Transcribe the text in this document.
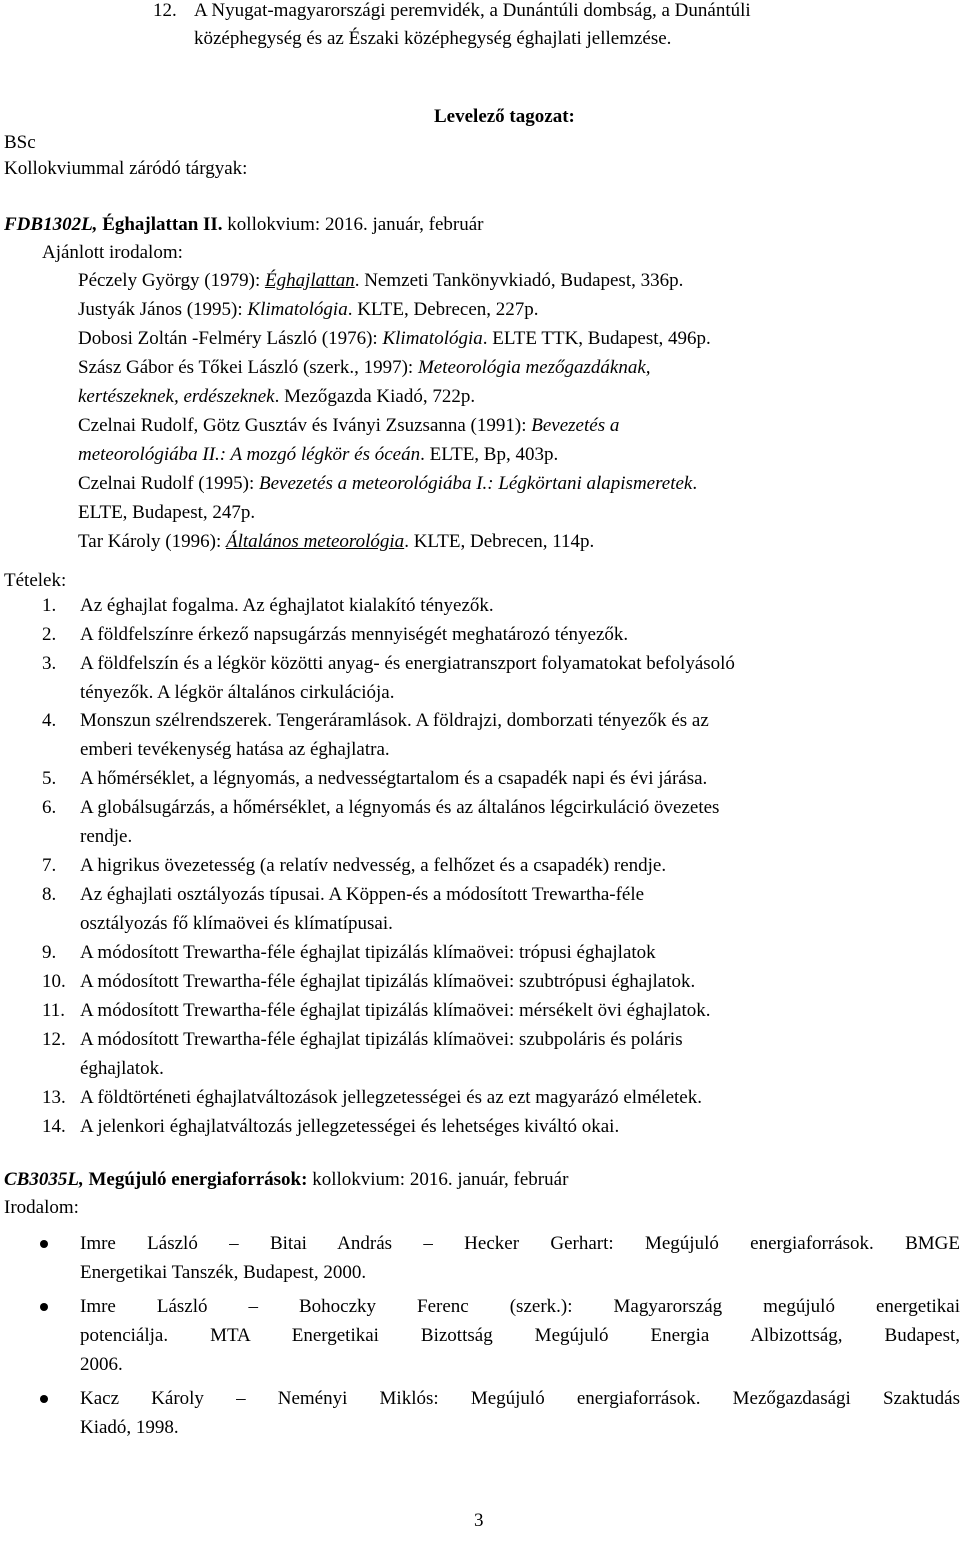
12. A Nyugat-magyarországi peremvidék, a Dunántúli dombság, a Dunántúli
középhegység és az Északi középhegység éghajlati jellemzése.
Levelező tagozat:
BSc
Kollokviummal záródó tárgyak:
FDB1302L, Éghajlattan II. kollokvium: 2016. január, február
Ajánlott irodalom:
Péczely György (1979): Éghajlattan. Nemzeti Tankönyvkiadó, Budapest, 336p.
Justyák János (1995): Klimatológia. KLTE, Debrecen, 227p.
Dobosi Zoltán -Felméry László (1976): Klimatológia. ELTE TTK, Budapest, 496p.
Szász Gábor és Tőkei László (szerk., 1997): Meteorológia mezőgazdáknak,
kertészeknek, erdészeknek. Mezőgazda Kiadó, 722p.
Czelnai Rudolf, Götz Gusztáv és Iványi Zsuzsanna (1991): Bevezetés a
meteorológiába II.: A mozgó légkör és óceán. ELTE, Bp, 403p.
Czelnai Rudolf (1995): Bevezetés a meteorológiába I.: Légkörtani alapismeretek.
ELTE, Budapest, 247p.
Tar Károly (1996): Általános meteorológia. KLTE, Debrecen, 114p.
Tételek:
1. Az éghajlat fogalma. Az éghajlatot kialakító tényezők.
2. A földfelszínre érkező napsugárzás mennyiségét meghatározó tényezők.
3. A földfelszín és a légkör közötti anyag- és energiatranszport folyamatokat befolyásoló
tényezők. A légkör általános cirkulációja.
4. Monszun szélrendszerek. Tengeráramlások. A földrajzi, domborzati tényezők és az
emberi tevékenység hatása az éghajlatra.
5. A hőmérséklet, a légnyomás, a nedvességtartalom és a csapadék napi és évi járása.
6. A globálsugárzás, a hőmérséklet, a légnyomás és az általános légcirkuláció övezetes
rendje.
7. A higrikus övezetesség (a relatív nedvesség, a felhőzet és a csapadék) rendje.
8. Az éghajlati osztályozás típusai. A Köppen-és a módosított Trewartha-féle
osztályozás fő klímaövei és klímatípusai.
9. A módosított Trewartha-féle éghajlat tipizálás klímaövei: trópusi éghajlatok
10. A módosított Trewartha-féle éghajlat tipizálás klímaövei: szubtrópusi éghajlatok.
11. A módosított Trewartha-féle éghajlat tipizálás klímaövei: mérsékelt övi éghajlatok.
12. A módosított Trewartha-féle éghajlat tipizálás klímaövei: szubpoláris és poláris
éghajlatok.
13. A földtörténeti éghajlatváltozások jellegzetességei és az ezt magyarázó elméletek.
14. A jelenkori éghajlatváltozás jellegzetességei és lehetséges kiváltó okai.
CB3035L, Megújuló energiaforrások: kollokvium: 2016. január, február
Irodalom:
Imre László – Bitai András – Hecker Gerhart: Megújuló energiaforrások. BMGE
Energetikai Tanszék, Budapest, 2000.
Imre László – Bohoczky Ferenc (szerk.): Magyarország megújuló energetikai
potenciálja. MTA Energetikai Bizottság Megújuló Energia Albizottság, Budapest,
2006.
Kacz Károly – Neményi Miklós: Megújuló energiaforrások. Mezőgazdasági Szaktudás
Kiadó, 1998.
3
